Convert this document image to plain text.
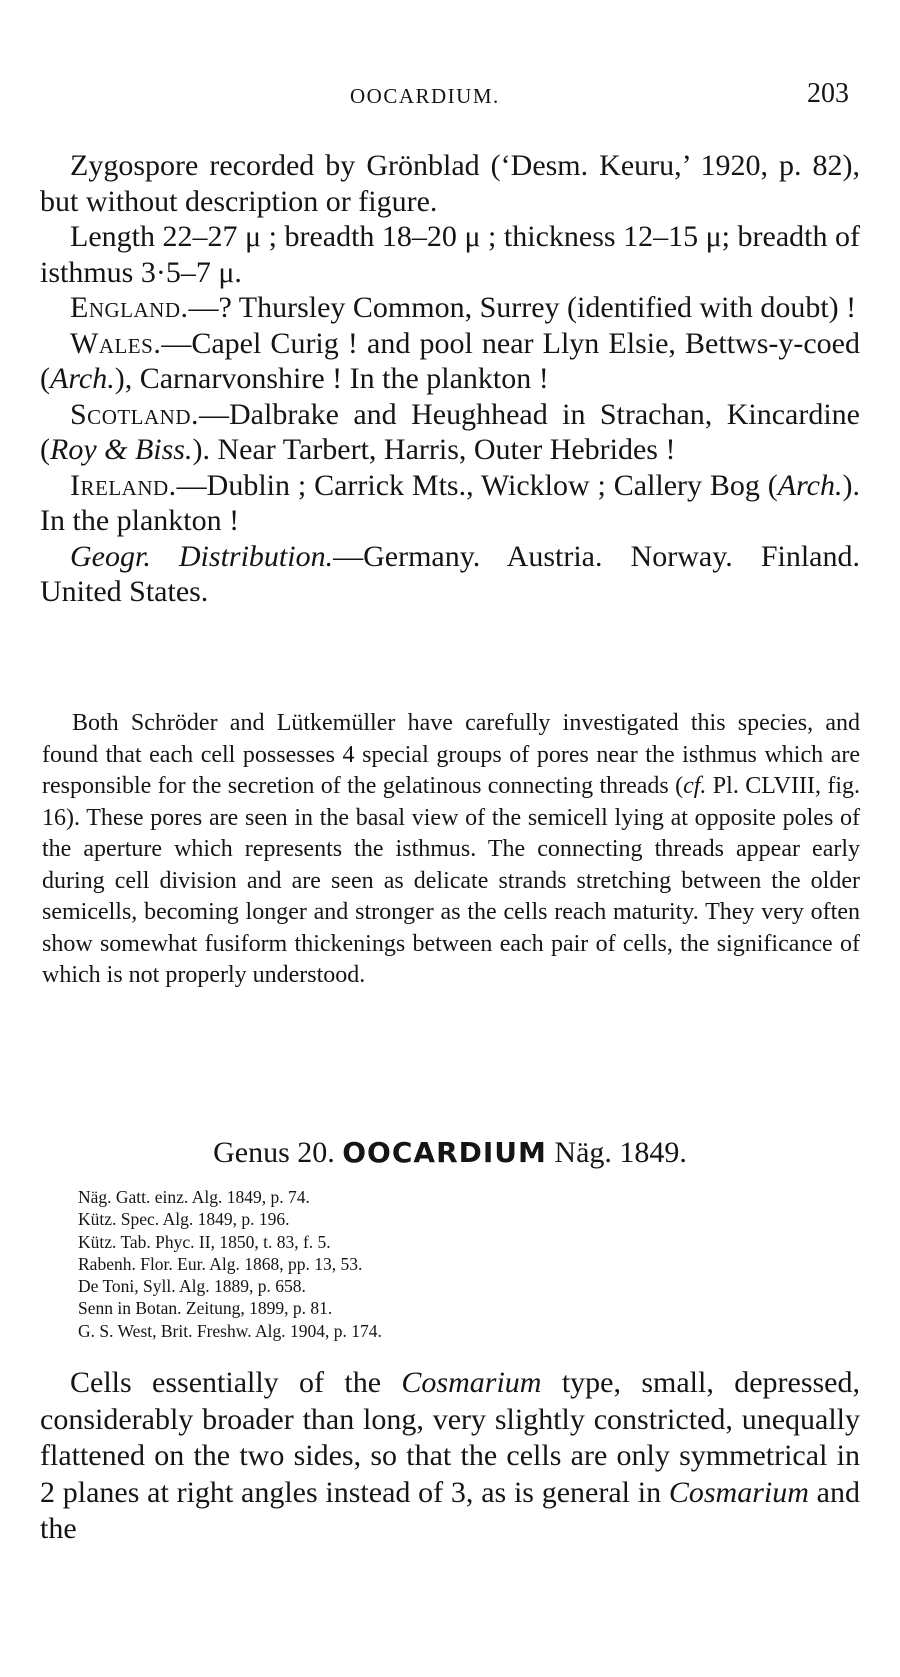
OOCARDIUM.	203

Zygospore recorded by Grönblad (‘Desm. Keuru,’ 1920, p. 82), but without description or figure.

Length 22–27 μ ; breadth 18–20 μ ; thickness 12–15 μ; breadth of isthmus 3·5–7 μ.

England.—? Thursley Common, Surrey (identified with doubt) !

Wales.—Capel Curig ! and pool near Llyn Elsie, Bettws-y-coed (Arch.), Carnarvonshire ! In the plankton !

Scotland.—Dalbrake and Heughhead in Strachan, Kincardine (Roy & Biss.). Near Tarbert, Harris, Outer Hebrides !

Ireland.—Dublin ; Carrick Mts., Wicklow ; Callery Bog (Arch.). In the plankton !

Geogr. Distribution.—Germany. Austria. Norway. Finland. United States.

Both Schröder and Lütkemüller have carefully investigated this species, and found that each cell possesses 4 special groups of pores near the isthmus which are responsible for the secretion of the gelatinous connecting threads (cf. Pl. CLVIII, fig. 16). These pores are seen in the basal view of the semicell lying at opposite poles of the aperture which represents the isthmus. The connecting threads appear early during cell division and are seen as delicate strands stretching between the older semicells, becoming longer and stronger as the cells reach maturity. They very often show somewhat fusiform thickenings between each pair of cells, the significance of which is not properly understood.

Genus 20. OOCARDIUM Näg. 1849.
Näg. Gatt. einz. Alg. 1849, p. 74.
Kütz. Spec. Alg. 1849, p. 196.
Kütz. Tab. Phyc. II, 1850, t. 83, f. 5.
Rabenh. Flor. Eur. Alg. 1868, pp. 13, 53.
De Toni, Syll. Alg. 1889, p. 658.
Senn in Botan. Zeitung, 1899, p. 81.
G. S. West, Brit. Freshw. Alg. 1904, p. 174.

Cells essentially of the Cosmarium type, small, depressed, considerably broader than long, very slightly constricted, unequally flattened on the two sides, so that the cells are only symmetrical in 2 planes at right angles instead of 3, as is general in Cosmarium and the
